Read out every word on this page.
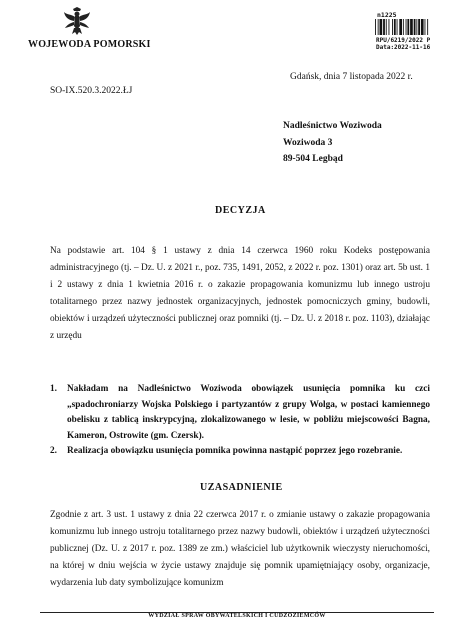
WOJEWODA POMORSKI
n1225
RPU/6219/2022 P
Data:2022-11-16
Gdańsk, dnia 7 listopada 2022 r.
SO-IX.520.3.2022.ŁJ
Nadleśnictwo Woziwoda
Woziwoda 3
89-504 Legbąd
DECYZJA
Na podstawie art. 104 § 1 ustawy z dnia 14 czerwca 1960 roku Kodeks postępowania administracyjnego (tj. – Dz. U. z 2021 r., poz. 735, 1491, 2052, z 2022 r. poz. 1301) oraz art. 5b ust. 1 i 2 ustawy z dnia 1 kwietnia 2016 r. o zakazie propagowania komunizmu lub innego ustroju totalitarnego przez nazwy jednostek organizacyjnych, jednostek pomocniczych gminy, budowli, obiektów i urządzeń użyteczności publicznej oraz pomniki (tj. – Dz. U. z 2018 r. poz. 1103), działając z urzędu
1. Nakładam na Nadleśnictwo Woziwoda obowiązek usunięcia pomnika ku czci „spadochroniarzy Wojska Polskiego i partyzantów z grupy Wolga, w postaci kamiennego obelisku z tablicą inskrypcyjną, zlokalizowanego w lesie, w pobliżu miejscowości Bagna, Kameron, Ostrowite (gm. Czersk).
2. Realizacja obowiązku usunięcia pomnika powinna nastąpić poprzez jego rozebranie.
UZASADNIENIE
Zgodnie z art. 3 ust. 1 ustawy z dnia 22 czerwca 2017 r. o zmianie ustawy o zakazie propagowania komunizmu lub innego ustroju totalitarnego przez nazwy budowli, obiektów i urządzeń użyteczności publicznej (Dz. U. z 2017 r. poz. 1389 ze zm.) właściciel lub użytkownik wieczysty nieruchomości, na której w dniu wejścia w życie ustawy znajduje się pomnik upamiętniający osoby, organizacje, wydarzenia lub daty symbolizujące komunizm
WYDZIAŁ SPRAW OBYWATELSKICH I CUDZOZIEMCÓW
